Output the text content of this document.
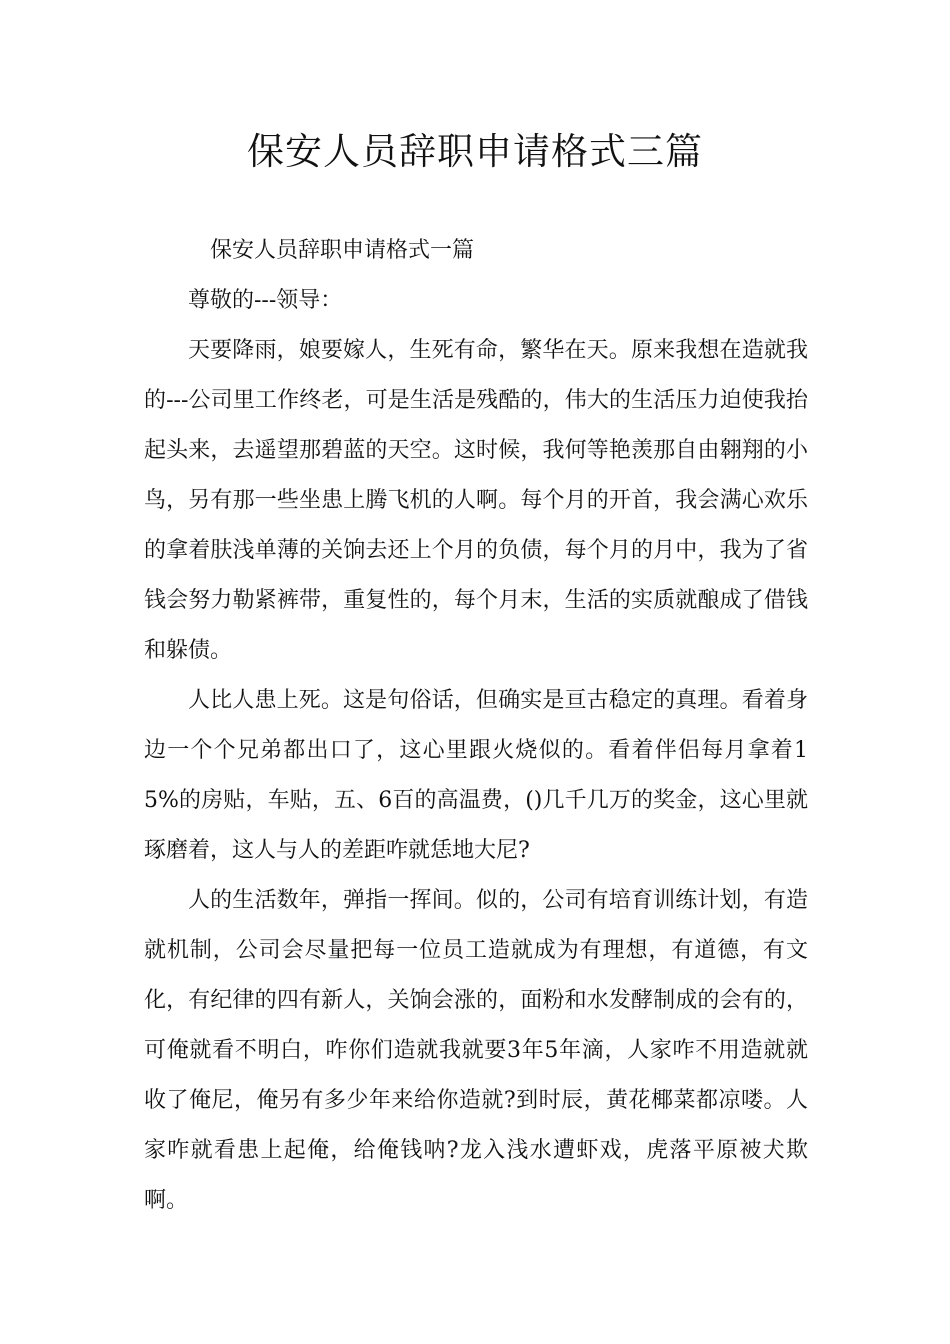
保安人员辞职申请格式三篇

保安人员辞职申请格式一篇

尊敬的---领导：

天要降雨，娘要嫁人，生死有命，繁华在天。原来我想在造就我的---公司里工作终老，可是生活是残酷的，伟大的生活压力迫使我抬起头来，去遥望那碧蓝的天空。这时候，我何等艳羡那自由翱翔的小鸟，另有那一些坐患上腾飞机的人啊。每个月的开首，我会满心欢乐的拿着肤浅单薄的关饷去还上个月的负债，每个月的月中，我为了省钱会努力勒紧裤带，重复性的，每个月末，生活的实质就酿成了借钱和躲债。

人比人患上死。这是句俗话，但确实是亘古稳定的真理。看着身边一个个兄弟都出口了，这心里跟火烧似的。看着伴侣每月拿着15%的房贴，车贴，五、6百的高温费，()几千几万的奖金，这心里就琢磨着，这人与人的差距咋就恁地大尼?

人的生活数年，弹指一挥间。似的，公司有培育训练计划，有造就机制，公司会尽量把每一位员工造就成为有理想，有道德，有文化，有纪律的四有新人，关饷会涨的，面粉和水发酵制成的会有的，可俺就看不明白，咋你们造就我就要3年5年滴，人家咋不用造就就收了俺尼，俺另有多少年来给你造就?到时辰，黄花椰菜都凉喽。人家咋就看患上起俺，给俺钱呐?龙入浅水遭虾戏，虎落平原被犬欺啊。
